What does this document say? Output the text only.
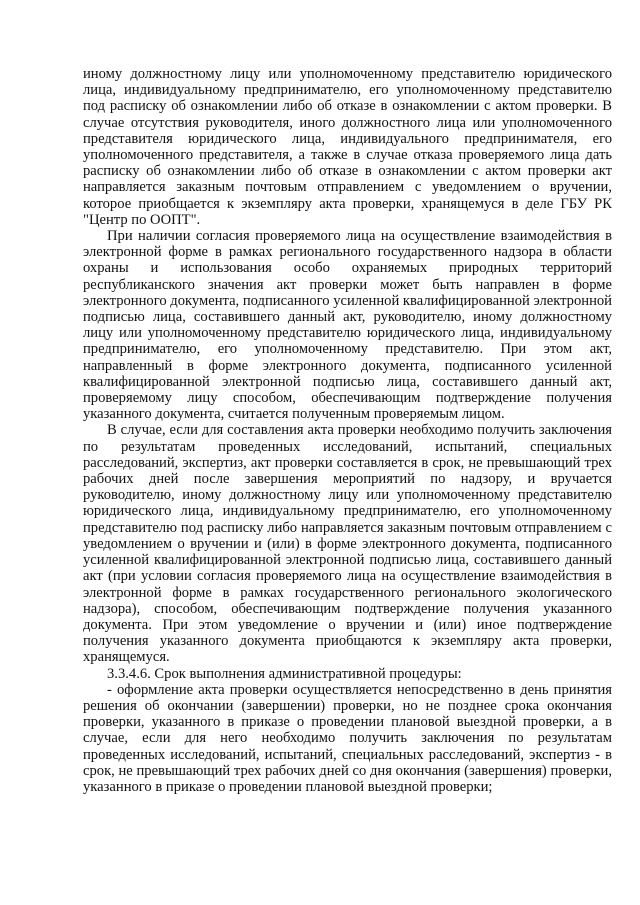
иному должностному лицу или уполномоченному представителю юридического лица, индивидуальному предпринимателю, его уполномоченному представителю под расписку об ознакомлении либо об отказе в ознакомлении с актом проверки. В случае отсутствия руководителя, иного должностного лица или уполномоченного представителя юридического лица, индивидуального предпринимателя, его уполномоченного представителя, а также в случае отказа проверяемого лица дать расписку об ознакомлении либо об отказе в ознакомлении с актом проверки акт направляется заказным почтовым отправлением с уведомлением о вручении, которое приобщается к экземпляру акта проверки, хранящемуся в деле ГБУ РК "Центр по ООПТ".

При наличии согласия проверяемого лица на осуществление взаимодействия в электронной форме в рамках регионального государственного надзора в области охраны и использования особо охраняемых природных территорий республиканского значения акт проверки может быть направлен в форме электронного документа, подписанного усиленной квалифицированной электронной подписью лица, составившего данный акт, руководителю, иному должностному лицу или уполномоченному представителю юридического лица, индивидуальному предпринимателю, его уполномоченному представителю. При этом акт, направленный в форме электронного документа, подписанного усиленной квалифицированной электронной подписью лица, составившего данный акт, проверяемому лицу способом, обеспечивающим подтверждение получения указанного документа, считается полученным проверяемым лицом.

В случае, если для составления акта проверки необходимо получить заключения по результатам проведенных исследований, испытаний, специальных расследований, экспертиз, акт проверки составляется в срок, не превышающий трех рабочих дней после завершения мероприятий по надзору, и вручается руководителю, иному должностному лицу или уполномоченному представителю юридического лица, индивидуальному предпринимателю, его уполномоченному представителю под расписку либо направляется заказным почтовым отправлением с уведомлением о вручении и (или) в форме электронного документа, подписанного усиленной квалифицированной электронной подписью лица, составившего данный акт (при условии согласия проверяемого лица на осуществление взаимодействия в электронной форме в рамках государственного регионального экологического надзора), способом, обеспечивающим подтверждение получения указанного документа. При этом уведомление о вручении и (или) иное подтверждение получения указанного документа приобщаются к экземпляру акта проверки, хранящемуся.

3.3.4.6. Срок выполнения административной процедуры:

- оформление акта проверки осуществляется непосредственно в день принятия решения об окончании (завершении) проверки, но не позднее срока окончания проверки, указанного в приказе о проведении плановой выездной проверки, а в случае, если для него необходимо получить заключения по результатам проведенных исследований, испытаний, специальных расследований, экспертиз - в срок, не превышающий трех рабочих дней со дня окончания (завершения) проверки, указанного в приказе о проведении плановой выездной проверки;
